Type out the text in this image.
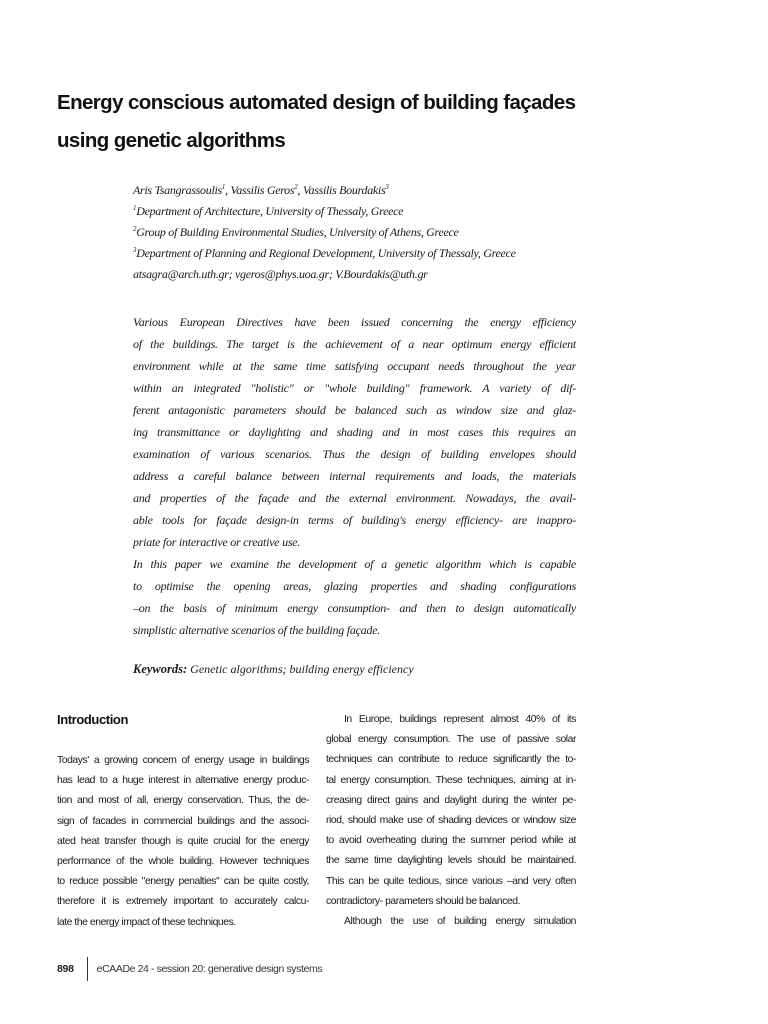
Energy conscious automated design of building façades
using genetic algorithms
Aris Tsangrassoulis$^1$, Vassilis Geros$^2$, Vassilis Bourdakis$^3$
$^1$Department of Architecture, University of Thessaly, Greece
$^2$Group of Building Environmental Studies, University of Athens, Greece
$^3$Department of Planning and Regional Development, University of Thessaly, Greece
atsagra@arch.uth.gr; vgeros@phys.uoa.gr; V.Bourdakis@uth.gr
Various European Directives have been issued concerning the energy efficiency
of the buildings. The target is the achievement of a near optimum energy efficient
environment while at the same time satisfying occupant needs throughout the year
within an integrated "holistic" or "whole building" framework. A variety of dif-
ferent antagonistic parameters should be balanced such as window size and glaz-
ing transmittance or daylighting and shading and in most cases this requires an
examination of various scenarios. Thus the design of building envelopes should
address a careful balance between internal requirements and loads, the materials
and properties of the façade and the external environment. Nowadays, the avail-
able tools for façade design-in terms of building's energy efficiency- are inappro-
priate for interactive or creative use.
In this paper we examine the development of a genetic algorithm which is capable
to optimise the opening areas, glazing properties and shading configurations
–on the basis of minimum energy consumption- and then to design automatically
simplistic alternative scenarios of the building façade.
Keywords: Genetic algorithms; building energy efficiency
Introduction
Todays' a growing concern of energy usage in buildings
has lead to a huge interest in alternative energy produc-
tion and most of all, energy conservation. Thus, the de-
sign of facades in commercial buildings and the associ-
ated heat transfer though is quite crucial for the energy
performance of the whole building. However techniques
to reduce possible "energy penalties" can be quite costly,
therefore it is extremely important to accurately calcu-
late the energy impact of these techniques.
In Europe, buildings represent almost 40% of its
global energy consumption. The use of passive solar
techniques can contribute to reduce significantly the to-
tal energy consumption. These techniques, aiming at in-
creasing direct gains and daylight during the winter pe-
riod, should make use of shading devices or window size
to avoid overheating during the summer period while at
the same time daylighting levels should be maintained.
This can be quite tedious, since various –and very often
contradictory- parameters should be balanced.
Although the use of building energy simulation
898 eCAADe 24 - session 20: generative design systems
